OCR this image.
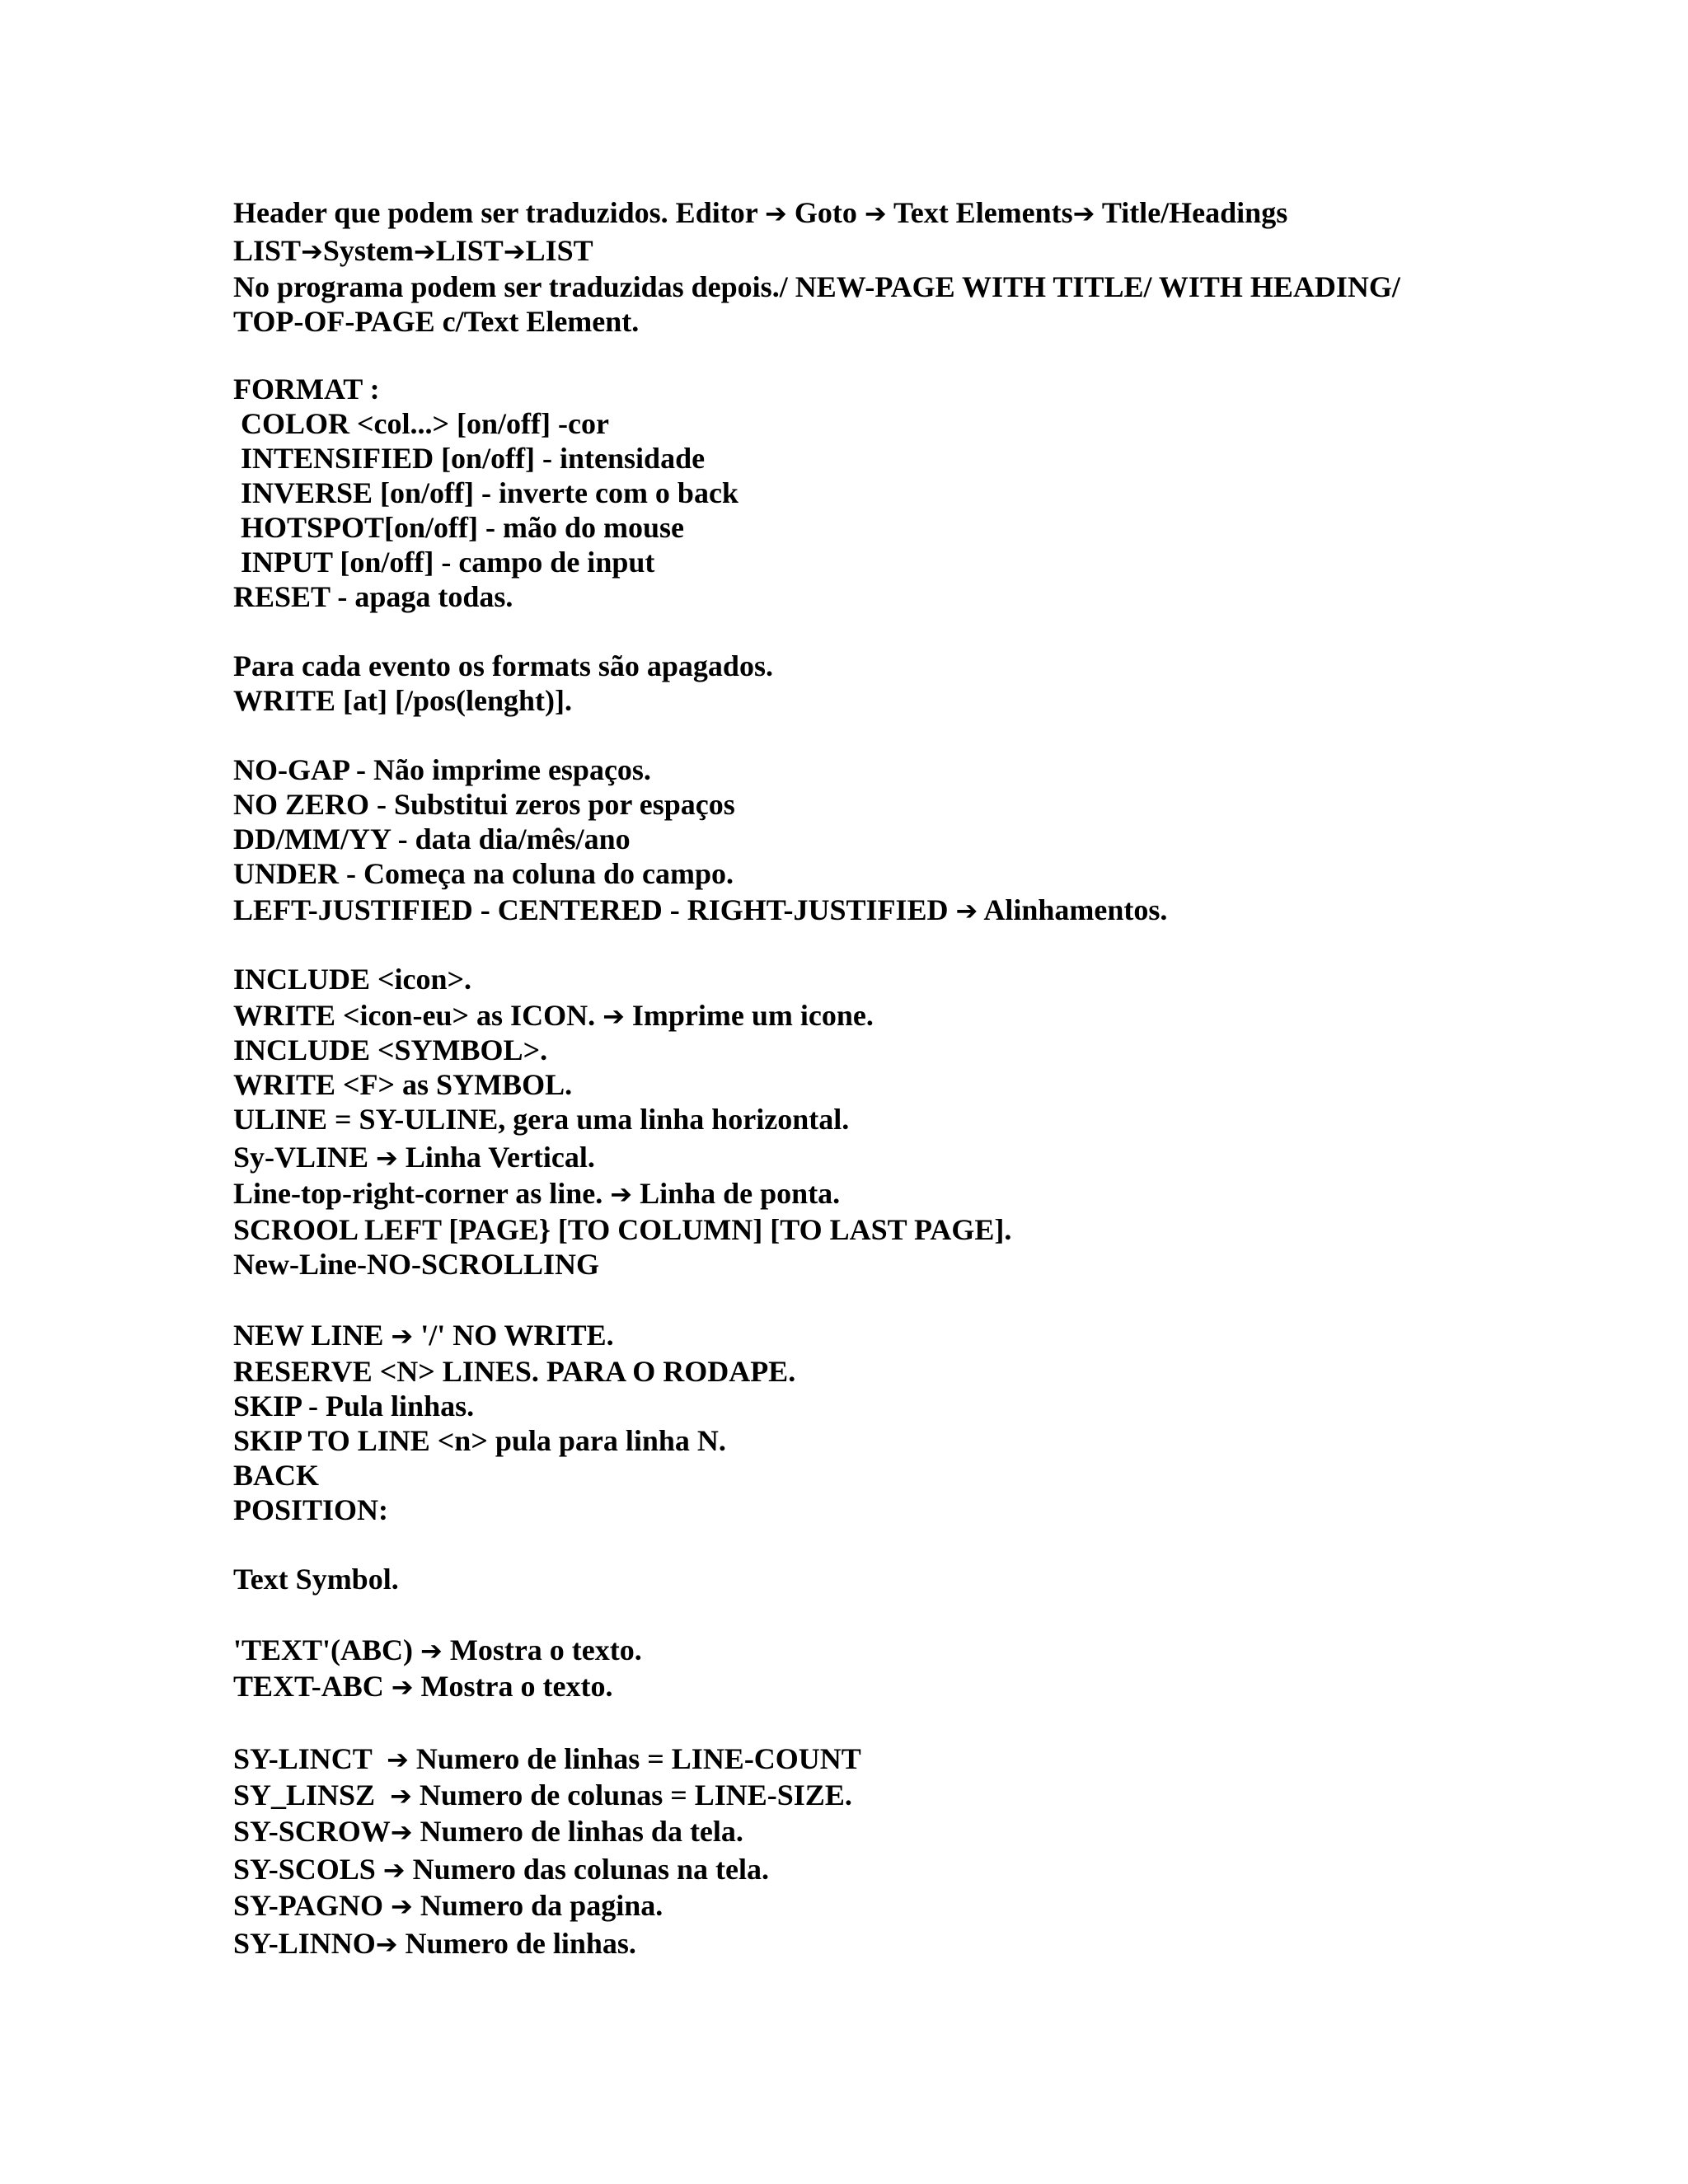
Header que podem ser traduzidos. Editor ➔ Goto ➔ Text Elements➔ Title/Headings

LIST➔System➔LIST➔LIST

No programa podem ser traduzidas depois./ NEW-PAGE WITH TITLE/ WITH HEADING/

TOP-OF-PAGE c/Text Element.

FORMAT :

COLOR <col...> [on/off] -cor

INTENSIFIED [on/off] - intensidade

INVERSE [on/off] - inverte com o back

HOTSPOT[on/off] - mão do mouse

INPUT [on/off] - campo de input

RESET - apaga todas.

Para cada evento os formats são apagados.

WRITE [at] [/pos(lenght)].

NO-GAP - Não imprime espaços.

NO ZERO - Substitui zeros por espaços

DD/MM/YY - data dia/mês/ano

UNDER - Começa na coluna do campo.

LEFT-JUSTIFIED - CENTERED - RIGHT-JUSTIFIED ➔ Alinhamentos.

INCLUDE <icon>.

WRITE <icon-eu> as ICON. ➔ Imprime um icone.

INCLUDE <SYMBOL>.

WRITE <F> as SYMBOL.

ULINE = SY-ULINE, gera uma linha horizontal.

Sy-VLINE ➔ Linha Vertical.

Line-top-right-corner as line. ➔ Linha de ponta.

SCROOL LEFT [PAGE} [TO COLUMN] [TO LAST PAGE].

New-Line-NO-SCROLLING

NEW LINE ➔ '/' NO WRITE.

RESERVE <N> LINES. PARA O RODAPE.

SKIP - Pula linhas.

SKIP TO LINE <n> pula para linha N.

BACK

POSITION:

Text Symbol.

'TEXT'(ABC) ➔ Mostra o texto.

TEXT-ABC ➔ Mostra o texto.

SY-LINCT  ➔ Numero de linhas = LINE-COUNT

SY_LINSZ  ➔ Numero de colunas = LINE-SIZE.

SY-SCROW➔ Numero de linhas da tela.

SY-SCOLS ➔ Numero das colunas na tela.

SY-PAGNO ➔ Numero da pagina.

SY-LINNO➔ Numero de linhas.
